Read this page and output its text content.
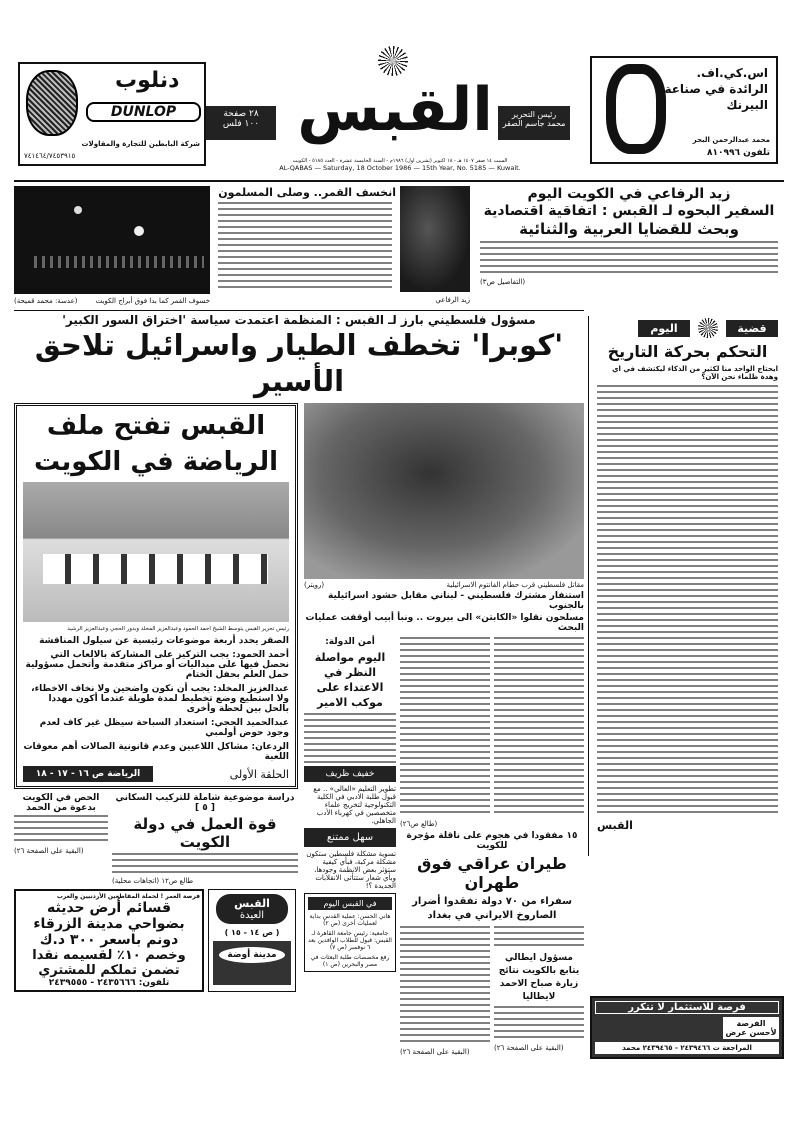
دنلوب
DUNLOP
شركة البابطين للتجارة والمقاولات
٧٤١٤٦٤/٧٤٥٣٩١٥
٢٨ صفحة
١٠٠ فلس القبس	رئيس التحرير
محمد جاسم الصقر
السبت ١٤ صفر ١٤٠٧ هـ - ١٨ اكتوبر (تشرين اول) ١٩٨٦م - السنة الخامسة عشرة - العدد ٥١٨٥ - الكويت
AL-QABAS — Saturday, 18 October 1986 — 15th Year, No. 5185 — Kuwait.
اس.كي.اف.
الرائدة في صناعة
البيرنك
محمد عبدالرحمن البحر
تلفون ٨١٠٩٩٦
خسوف القمر كما بدا فوق أبراج الكويت
(عدسة: محمد قميحة)
انخسف القمر.. وصلى المسلمون
زيد الرفاعي
زيد الرفاعي في الكويت اليوم
السفير البحوه لـ القبس : اتفاقية اقتصادية
وبحث للقضايا العربية والثنائية
(التفاصيل ص٣)
اليوم	قضية
التحكم بحركة التاريخ
ايحتاج الواحد منا لكثير من الذكاء ليكتشف في اي وهدة ظلماء نحن الآن؟
القبس
مسؤول فلسطيني بارز لـ القبس : المنظمة اعتمدت سياسة 'اختراق السور الكبير'
'كوبرا' تخطف الطيار واسرائيل تلاحق الأسير
القبس تفتح ملف
الرياضة في الكويت
رئيس تحرير القبس يتوسط الشيخ احمد الحمود وعبدالعزيز المخلد وبدور الحجي وعبدالعزيز الرشيد
الصقر يحدد أربعة موضوعات رئيسية عن سيلول المناقشة
أحمد الحمود: يجب التركيز على المشاركة بالالعاب التي نحصل فيها على ميداليات أو مراكز متقدمة وأتحمل مسؤولية حمل العلم بحفل الختام
عبدالعزيز المخلد: يجب أن نكون واضحين ولا نخاف الاخطاء، ولا استطيع وضع تخطيط لمدة طويلة عندما أكون مهددا بالحل بين لحظة وأخرى
عبدالحميد الحجي: استعداد السباحة سيظل غير كاف لعدم وجود حوض أولمبي
الردعان: مشاكل اللاعبين وعدم قانونية الصالات أهم معوقات اللعبة
الرياضة ص ١٦ - ١٧ - ١٨	الحلقة الأولى
الحص في الكويت بدعوة من الحمد
(البقية على الصفحة ٢٦)
دراسة موضوعية شاملة للتركيب السكاني [ ٥ ]
قوة العمل في دولة الكويت
طالع ص١٢ (اتجاهات محلية)
فرصة العمر ! لحملة المقاطعين الأردنيين والعرب
قسائم أرض حديثه
بضواحي مدينة الزرقاء
دونم باسعر ٣٠٠ د.ك
وخصم ١٠٪ لقسيمه نقدا
تضمن تملكم للمشتري
تلفون: ٢٤٣٥٦٦٦ - ٢٤٣٩٥٥٥
القبس
العيدة
( ص ١٤ - ١٥ )
مدينة أوضة
(رويتر)	مقاتل فلسطيني قرب حطام الفانتوم الاسرائيلية
استنفار مشترك فلسطيني - لبناني مقابل حشود اسرائيلية بالجنوب
مسلحون نقلوا «الكابتن» الى بيروت .. ونبأ أبيب أوقفت عمليات البحث
أمن الدولة:
اليوم مواصلة النظر في الاعتداء على موكب الامير
خفيف ظريف
تطوير التعليم «العالي» .. مع قبول طلبة الادبي في الكلية التكنولوجية لتخريج علماء متخصصين في كهرباء الأدب الجاهلي.
سهل ممتنع
تسوية مشكلة فلسطين ستكون مشكلة مركبة، فبأي كيفية ستؤثر بعض الانظمة وجودها، وبأي شعار ستتأتى الانقلابات الجديدة ؟!
في القبس اليوم
هاني الحسن: عملية القدس بداية لعمليات أخرى (ص ٢)
جامعية: رئيس جامعة القاهرة لـ القبس: قبول للطلاب الوافدين بعد ٦ نوفمبر (ص ٧)
رفع مخصصات طلبة البعثات في مصر والبحرين (ص ١)
(طالع ص٢٦)
١٥ مفقودا في هجوم على ناقلة مؤجرة للكويت
طيران عراقي فوق طهران
سفراء من ٧٠ دولة تفقدوا أضرار الصاروخ الايراني في بغداد
(البقية على الصفحة ٢٦)
مسؤول ايطالي يتابع بالكويت نتائج زيارة صباح الاحمد لايطاليا
(البقية على الصفحة ٢٦)
فرصة للاستثمار لا تتكرر
الفرصة لأحسن عرض
المراجعة ت ٢٤٣٩٤٦٦ - ٢٤٣٩٤٦٥ محمد
